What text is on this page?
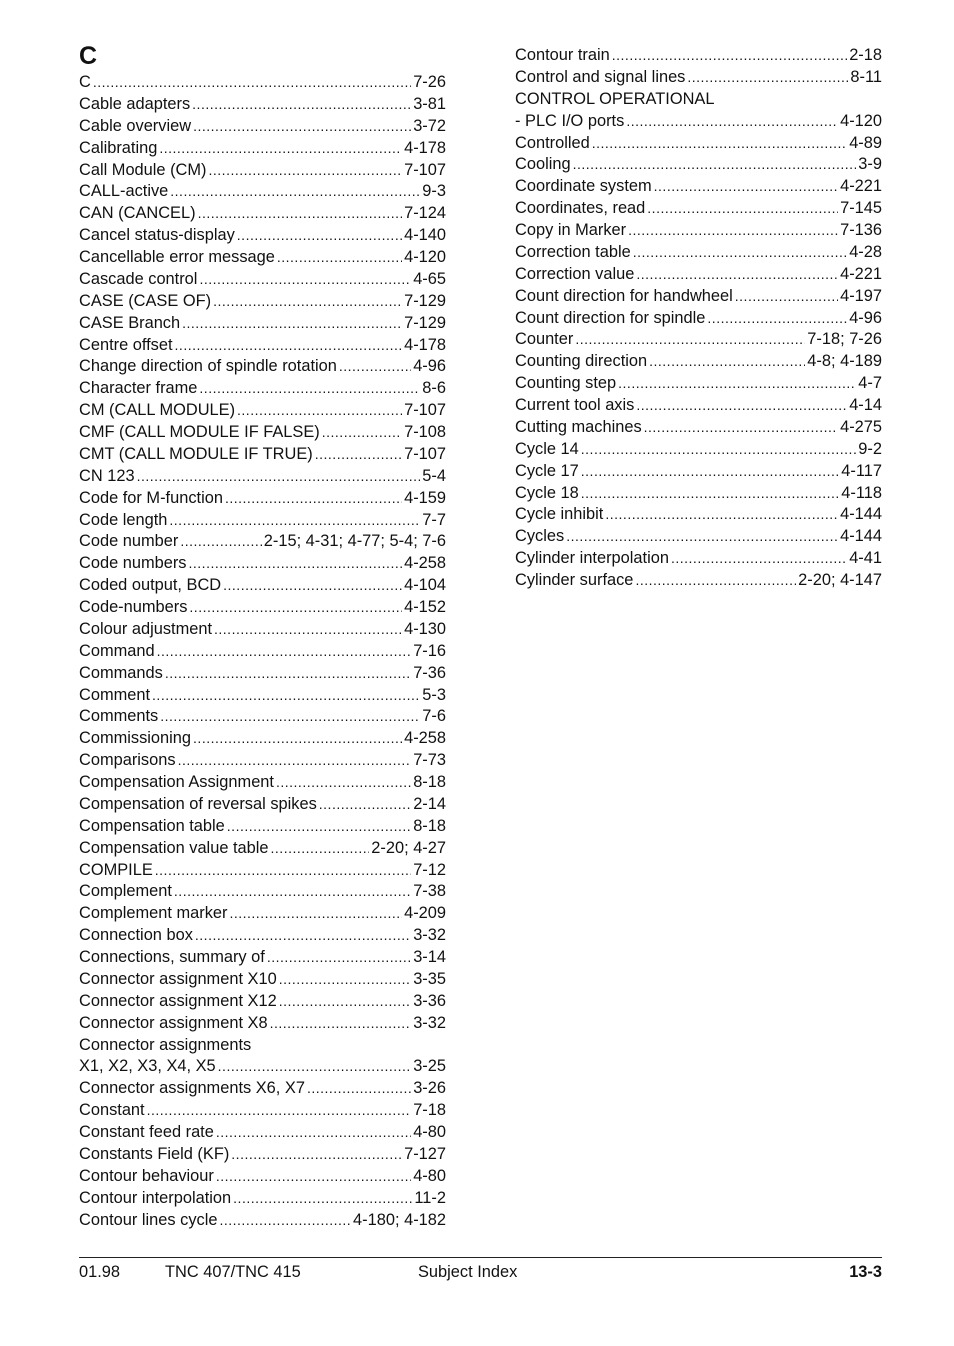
C
C .....	7-26
Cable adapters .....	3-81
Cable overview .....	3-72
Calibrating .....	4-178
Call Module (CM) .....	7-107
CALL-active .....	9-3
CAN (CANCEL) .....	7-124
Cancel status-display .....	4-140
Cancellable error message .....	4-120
Cascade control .....	4-65
CASE (CASE OF) .....	7-129
CASE Branch .....	7-129
Centre offset .....	4-178
Change direction of spindle rotation .....	4-96
Character frame .....	8-6
CM (CALL MODULE) .....	7-107
CMF (CALL MODULE IF FALSE) .....	7-108
CMT (CALL MODULE IF TRUE) .....	7-107
CN 123 .....	5-4
Code for M-function .....	4-159
Code length .....	7-7
Code number .....	2-15; 4-31; 4-77; 5-4; 7-6
Code numbers .....	4-258
Coded output, BCD .....	4-104
Code-numbers .....	4-152
Colour adjustment .....	4-130
Command .....	7-16
Commands .....	7-36
Comment .....	5-3
Comments .....	7-6
Commissioning .....	4-258
Comparisons .....	7-73
Compensation Assignment .....	8-18
Compensation of reversal spikes .....	2-14
Compensation table .....	8-18
Compensation value table .....	2-20; 4-27
COMPILE .....	7-12
Complement .....	7-38
Complement marker .....	4-209
Connection box .....	3-32
Connections, summary of .....	3-14
Connector assignment X10 .....	3-35
Connector assignment X12 .....	3-36
Connector assignment X8 .....	3-32
Connector assignments
X1, X2, X3, X4, X5 .....	3-25
Connector assignments X6, X7 .....	3-26
Constant .....	7-18
Constant feed rate .....	4-80
Constants Field (KF) .....	7-127
Contour behaviour .....	4-80
Contour interpolation .....	11-2
Contour lines cycle .....	4-180; 4-182
Contour train .....	2-18
Control and signal lines .....	8-11
CONTROL OPERATIONAL
- PLC I/O ports .....	4-120
Controlled .....	4-89
Cooling .....	3-9
Coordinate system .....	4-221
Coordinates, read .....	7-145
Copy in Marker .....	7-136
Correction table .....	4-28
Correction value .....	4-221
Count direction for handwheel .....	4-197
Count direction for spindle .....	4-96
Counter .....	7-18; 7-26
Counting direction .....	4-8; 4-189
Counting step .....	4-7
Current tool axis .....	4-14
Cutting machines .....	4-275
Cycle 14 .....	9-2
Cycle 17 .....	4-117
Cycle 18 .....	4-118
Cycle inhibit .....	4-144
Cycles .....	4-144
Cylinder interpolation .....	4-41
Cylinder surface .....	2-20; 4-147
01.98	TNC 407/TNC 415	Subject Index	13-3
